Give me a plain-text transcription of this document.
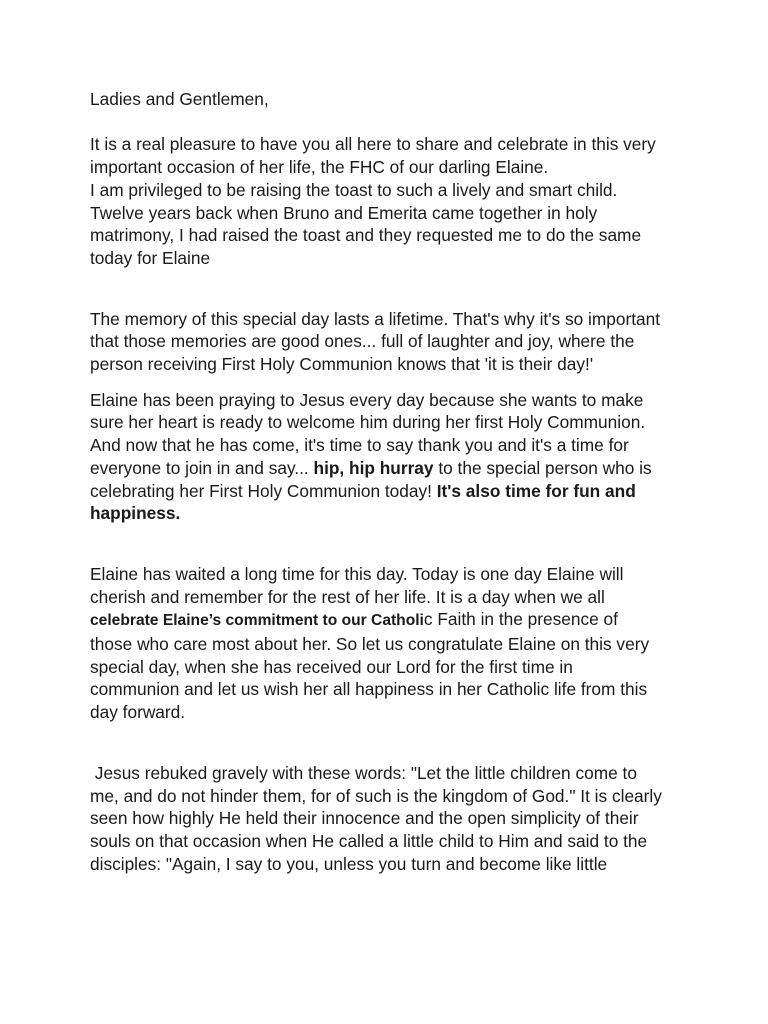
Ladies and Gentlemen,

It is a real pleasure to have you all here to share and celebrate in this very
important occasion of her life, the FHC of our darling Elaine.
I am privileged to be raising the toast to such a lively and smart child.
Twelve years back when Bruno and Emerita came together in holy
matrimony, I had raised the toast and they requested me to do the same
today for Elaine

The memory of this special day lasts a lifetime. That's why it's so important
that those memories are good ones... full of laughter and joy, where the
person receiving First Holy Communion knows that 'it is their day!'

Elaine has been praying to Jesus every day because she wants to make
sure her heart is ready to welcome him during her first Holy Communion.
And now that he has come, it's time to say thank you and it's a time for
everyone to join in and say... hip, hip hurray to the special person who is
celebrating her First Holy Communion today! It's also time for fun and
happiness.

Elaine has waited a long time for this day. Today is one day Elaine will
cherish and remember for the rest of her life. It is a day when we all
celebrate Elaine’s commitment to our Catholic Faith in the presence of
those who care most about her. So let us congratulate Elaine on this very
special day, when she has received our Lord for the first time in
communion and let us wish her all happiness in her Catholic life from this
day forward.

Jesus rebuked gravely with these words: "Let the little children come to
me, and do not hinder them, for of such is the kingdom of God." It is clearly
seen how highly He held their innocence and the open simplicity of their
souls on that occasion when He called a little child to Him and said to the
disciples: "Again, I say to you, unless you turn and become like little
